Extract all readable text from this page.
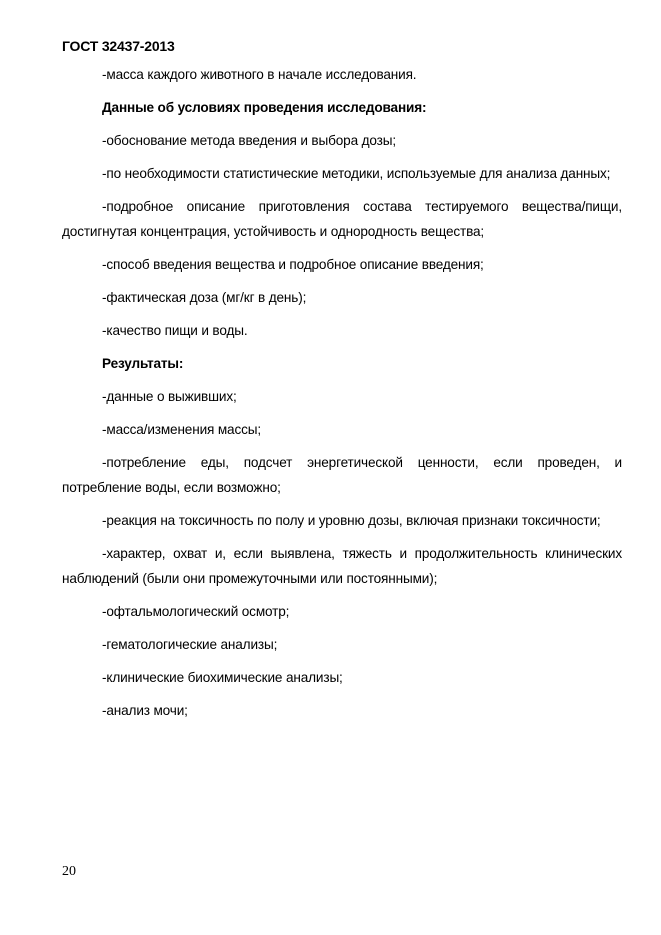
ГОСТ 32437-2013
-масса каждого животного в начале исследования.
Данные об условиях проведения исследования:
-обоснование метода введения и выбора дозы;
-по необходимости статистические методики, используемые для анализа данных;
-подробное описание приготовления состава тестируемого вещества/пищи, достигнутая концентрация, устойчивость и однородность вещества;
-способ введения вещества и подробное описание введения;
-фактическая доза (мг/кг в день);
-качество пищи и воды.
Результаты:
-данные о выживших;
-масса/изменения массы;
-потребление еды, подсчет энергетической ценности, если проведен, и потребление воды, если возможно;
-реакция на токсичность по полу и уровню дозы, включая признаки токсичности;
-характер, охват и, если выявлена, тяжесть и продолжительность клинических наблюдений (были они промежуточными или постоянными);
-офтальмологический осмотр;
-гематологические анализы;
-клинические биохимические анализы;
-анализ мочи;
20
